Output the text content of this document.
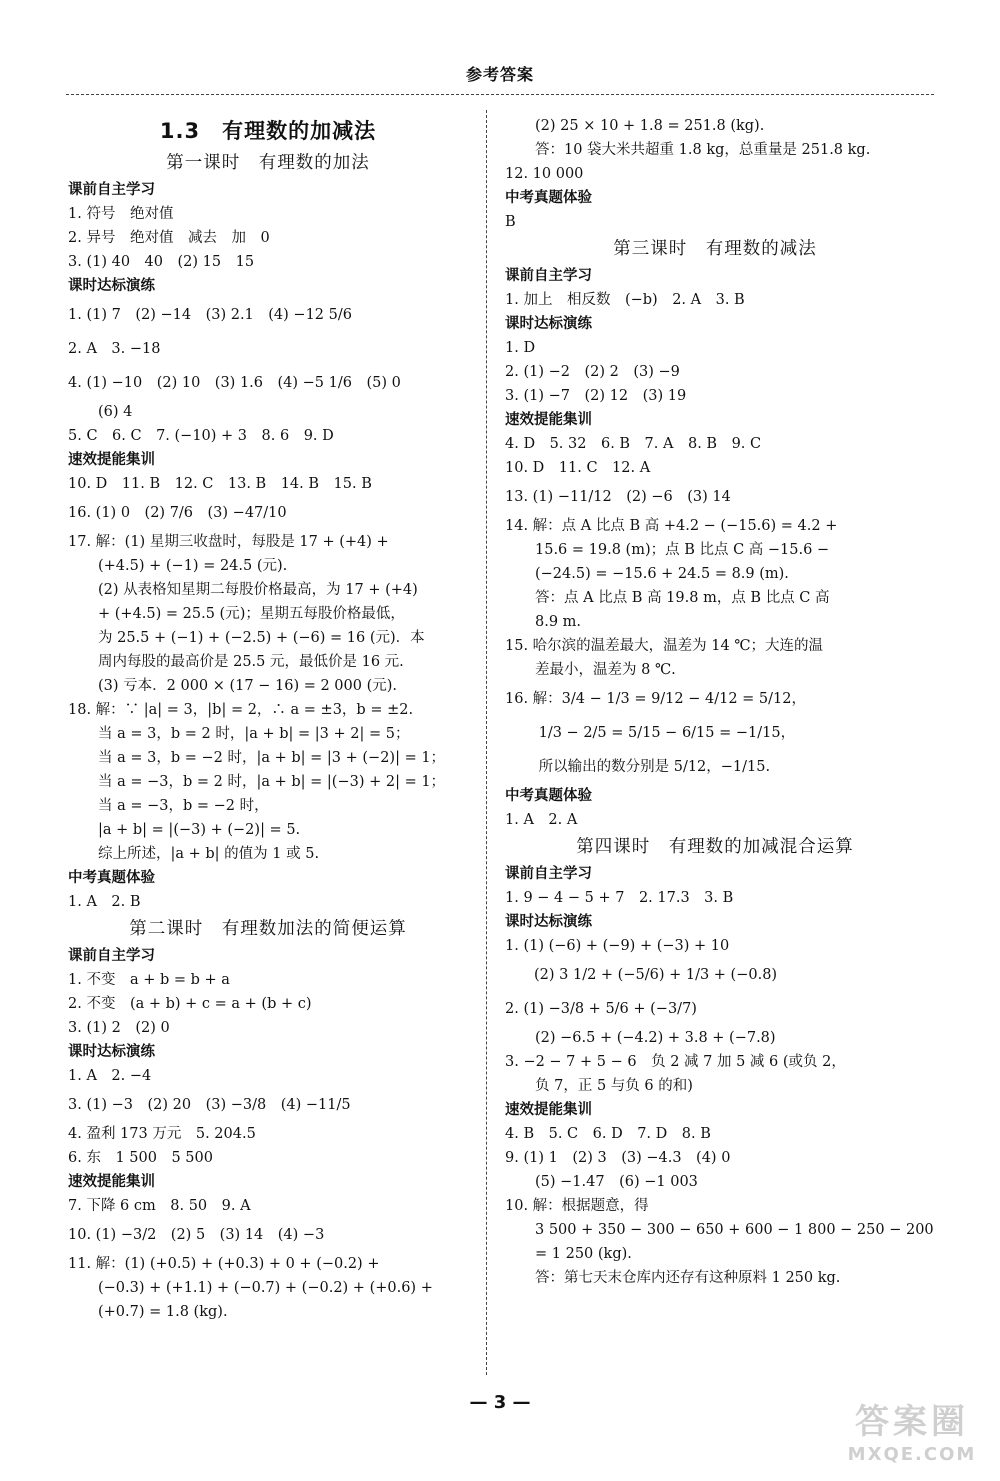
参考答案
1.3　有理数的加减法
第一课时　有理数的加法
课前自主学习
1. 符号　绝对值
2. 异号　绝对值　减去　加　0
3. (1) 40　40　(2) 15　15
课时达标演练
1. (1) 7　(2) −14　(3) 2.1　(4) −12 5/6
2. A　3. −18
4. (1) −10　(2) 10　(3) 1.6　(4) −5 1/6　(5) 0
(6) 4
5. C　6. C　7. (−10) + 3　8. 6　9. D
速效提能集训
10. D　11. B　12. C　13. B　14. B　15. B
16. (1) 0　(2) 7/6　(3) −47/10
17. 解：(1) 星期三收盘时，每股是 17 + (+4) +
(+4.5) + (−1) = 24.5 (元).
(2) 从表格知星期二每股价格最高，为 17 + (+4)
+ (+4.5) = 25.5 (元)；星期五每股价格最低，
为 25.5 + (−1) + (−2.5) + (−6) = 16 (元)．本
周内每股的最高价是 25.5 元，最低价是 16 元.
(3) 亏本．2 000 × (17 − 16) = 2 000 (元).
18. 解：∵ |a| = 3，|b| = 2，∴ a = ±3，b = ±2.
当 a = 3，b = 2 时，|a + b| = |3 + 2| = 5；
当 a = 3，b = −2 时，|a + b| = |3 + (−2)| = 1；
当 a = −3，b = 2 时，|a + b| = |(−3) + 2| = 1；
当 a = −3，b = −2 时，
|a + b| = |(−3) + (−2)| = 5.
综上所述，|a + b| 的值为 1 或 5.
中考真题体验
1. A　2. B
第二课时　有理数加法的简便运算
课前自主学习
1. 不变　a + b = b + a
2. 不变　(a + b) + c = a + (b + c)
3. (1) 2　(2) 0
课时达标演练
1. A　2. −4
3. (1) −3　(2) 20　(3) −3/8　(4) −11/5
4. 盈利 173 万元　5. 204.5
6. 东　1 500　5 500
速效提能集训
7. 下降 6 cm　8. 50　9. A
10. (1) −3/2　(2) 5　(3) 14　(4) −3
11. 解：(1) (+0.5) + (+0.3) + 0 + (−0.2) +
(−0.3) + (+1.1) + (−0.7) + (−0.2) + (+0.6) +
(+0.7) = 1.8 (kg).
(2) 25 × 10 + 1.8 = 251.8 (kg).
答：10 袋大米共超重 1.8 kg，总重量是 251.8 kg.
12. 10 000
中考真题体验
B
第三课时　有理数的减法
课前自主学习
1. 加上　相反数　(−b)　2. A　3. B
课时达标演练
1. D
2. (1) −2　(2) 2　(3) −9
3. (1) −7　(2) 12　(3) 19
速效提能集训
4. D　5. 32　6. B　7. A　8. B　9. C
10. D　11. C　12. A
13. (1) −11/12　(2) −6　(3) 14
14. 解：点 A 比点 B 高 +4.2 − (−15.6) = 4.2 +
15.6 = 19.8 (m)；点 B 比点 C 高 −15.6 −
(−24.5) = −15.6 + 24.5 = 8.9 (m).
答：点 A 比点 B 高 19.8 m，点 B 比点 C 高
8.9 m.
15. 哈尔滨的温差最大，温差为 14 ℃；大连的温
差最小，温差为 8 ℃.
16. 解：3/4 − 1/3 = 9/12 − 4/12 = 5/12，
　　 1/3 − 2/5 = 5/15 − 6/15 = −1/15，
　　 所以输出的数分别是 5/12，−1/15.
中考真题体验
1. A　2. A
第四课时　有理数的加减混合运算
课前自主学习
1. 9 − 4 − 5 + 7　2. 17.3　3. B
课时达标演练
1. (1) (−6) + (−9) + (−3) + 10
　　(2) 3 1/2 + (−5/6) + 1/3 + (−0.8)
2. (1) −3/8 + 5/6 + (−3/7)
(2) −6.5 + (−4.2) + 3.8 + (−7.8)
3. −2 − 7 + 5 − 6　负 2 减 7 加 5 减 6 (或负 2，
负 7，正 5 与负 6 的和)
速效提能集训
4. B　5. C　6. D　7. D　8. B
9. (1) 1　(2) 3　(3) −4.3　(4) 0
(5) −1.47　(6) −1 003
10. 解：根据题意，得
3 500 + 350 − 300 − 650 + 600 − 1 800 − 250 − 200
= 1 250 (kg).
答：第七天末仓库内还存有这种原料 1 250 kg.
— 3 —	答案圈
MXQE.COM
